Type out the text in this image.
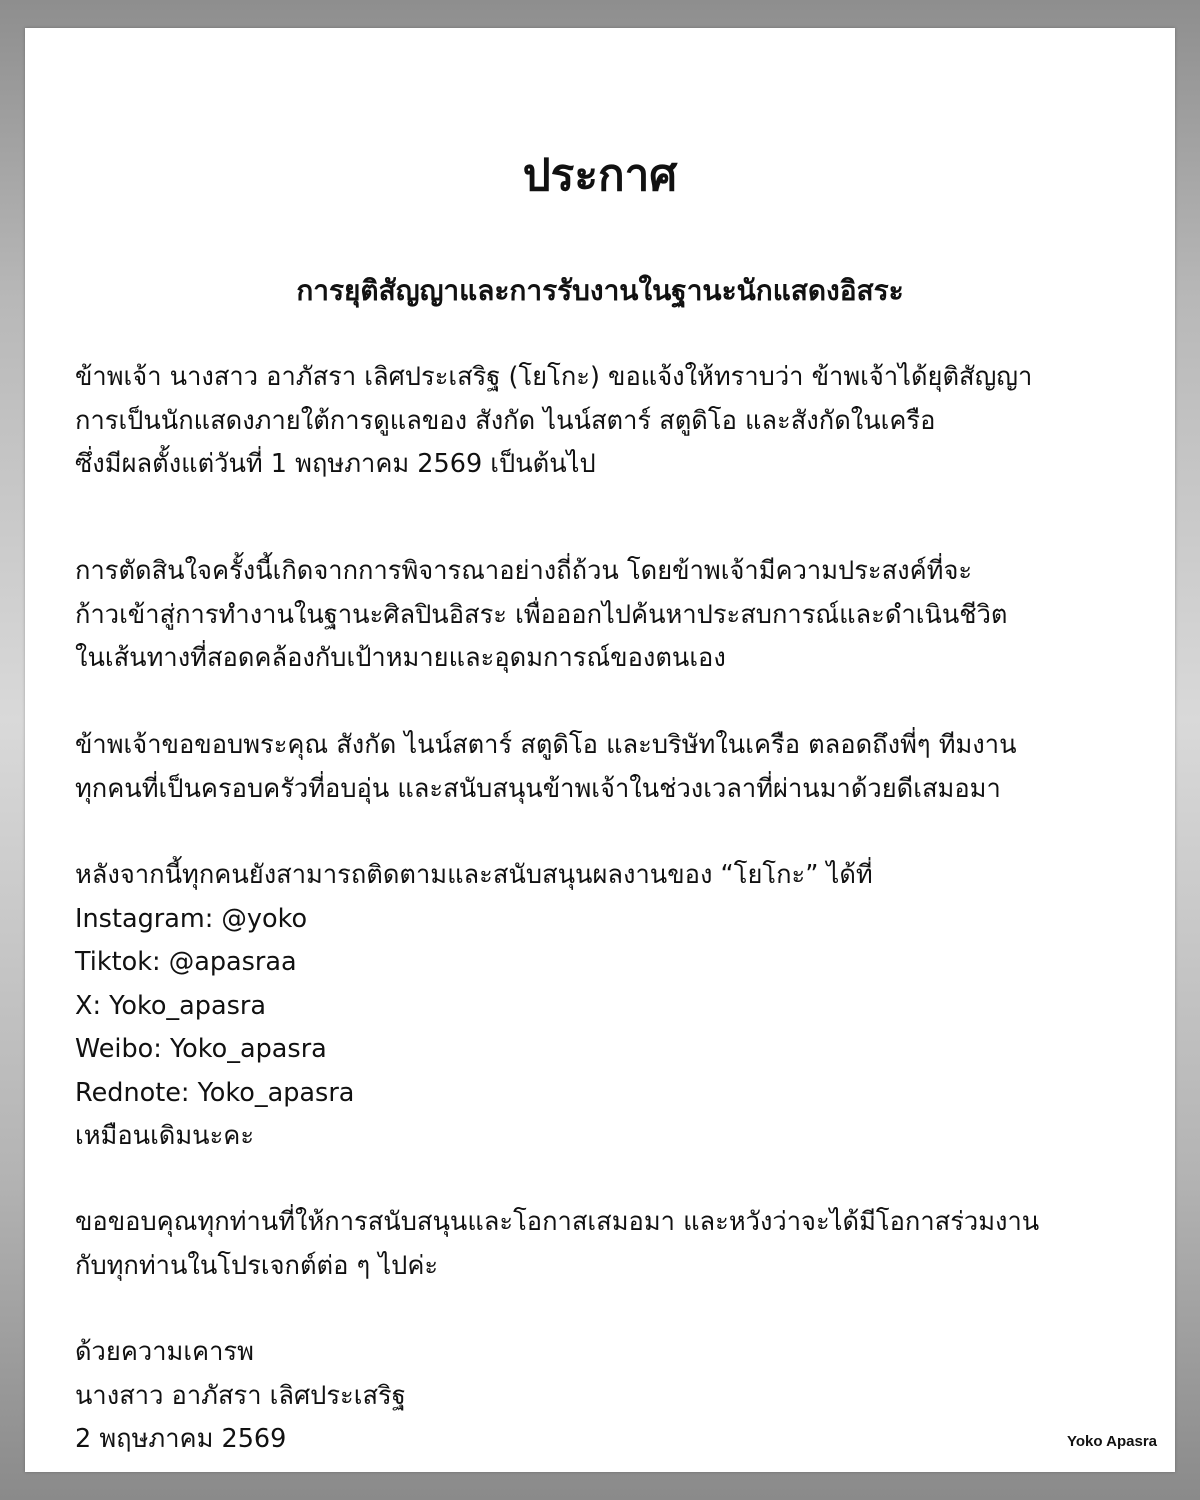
ประกาศ
การยุติสัญญาและการรับงานในฐานะนักแสดงอิสระ
ข้าพเจ้า นางสาว อาภัสรา เลิศประเสริฐ (โยโกะ) ขอแจ้งให้ทราบว่า ข้าพเจ้าได้ยุติสัญญา
การเป็นนักแสดงภายใต้การดูแลของ สังกัด ไนน์สตาร์ สตูดิโอ และสังกัดในเครือ
ซึ่งมีผลตั้งแต่วันที่ 1 พฤษภาคม 2569 เป็นต้นไป
การตัดสินใจครั้งนี้เกิดจากการพิจารณาอย่างถี่ถ้วน โดยข้าพเจ้ามีความประสงค์ที่จะ
ก้าวเข้าสู่การทำงานในฐานะศิลปินอิสระ เพื่อออกไปค้นหาประสบการณ์และดำเนินชีวิต
ในเส้นทางที่สอดคล้องกับเป้าหมายและอุดมการณ์ของตนเอง
ข้าพเจ้าขอขอบพระคุณ สังกัด ไนน์สตาร์ สตูดิโอ และบริษัทในเครือ ตลอดถึงพี่ๆ ทีมงาน
ทุกคนที่เป็นครอบครัวที่อบอุ่น และสนับสนุนข้าพเจ้าในช่วงเวลาที่ผ่านมาด้วยดีเสมอมา
หลังจากนี้ทุกคนยังสามารถติดตามและสนับสนุนผลงานของ “โยโกะ” ได้ที่
Instagram: @yoko
Tiktok: @apasraa
X: Yoko_apasra
Weibo: Yoko_apasra
Rednote: Yoko_apasra
เหมือนเดิมนะคะ
ขอขอบคุณทุกท่านที่ให้การสนับสนุนและโอกาสเสมอมา และหวังว่าจะได้มีโอกาสร่วมงาน
กับทุกท่านในโปรเจกต์ต่อ ๆ ไปค่ะ
ด้วยความเคารพ
นางสาว อาภัสรา เลิศประเสริฐ
2 พฤษภาคม 2569	Yoko Apasra
